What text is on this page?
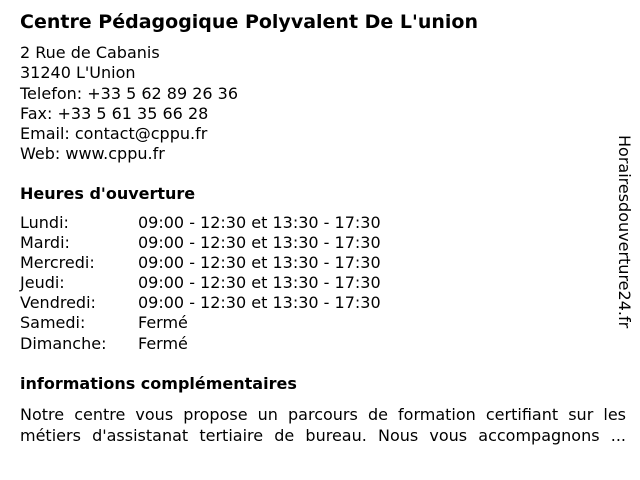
Centre Pédagogique Polyvalent De L'union
2 Rue de Cabanis
31240 L'Union
Telefon: +33 5 62 89 26 36
Fax: +33 5 61 35 66 28
Email: contact@cppu.fr
Web: www.cppu.fr
Heures d'ouverture
Lundi:	09:00 - 12:30 et 13:30 - 17:30
Mardi:	09:00 - 12:30 et 13:30 - 17:30
Mercredi:	09:00 - 12:30 et 13:30 - 17:30
Jeudi:	09:00 - 12:30 et 13:30 - 17:30
Vendredi:	09:00 - 12:30 et 13:30 - 17:30
Samedi:	Fermé
Dimanche:	Fermé
informations complémentaires
Notre centre vous propose un parcours de formation certifiant sur les
métiers d'assistanat tertiaire de bureau. Nous vous accompagnons ...
Horairesdouverture24.fr
